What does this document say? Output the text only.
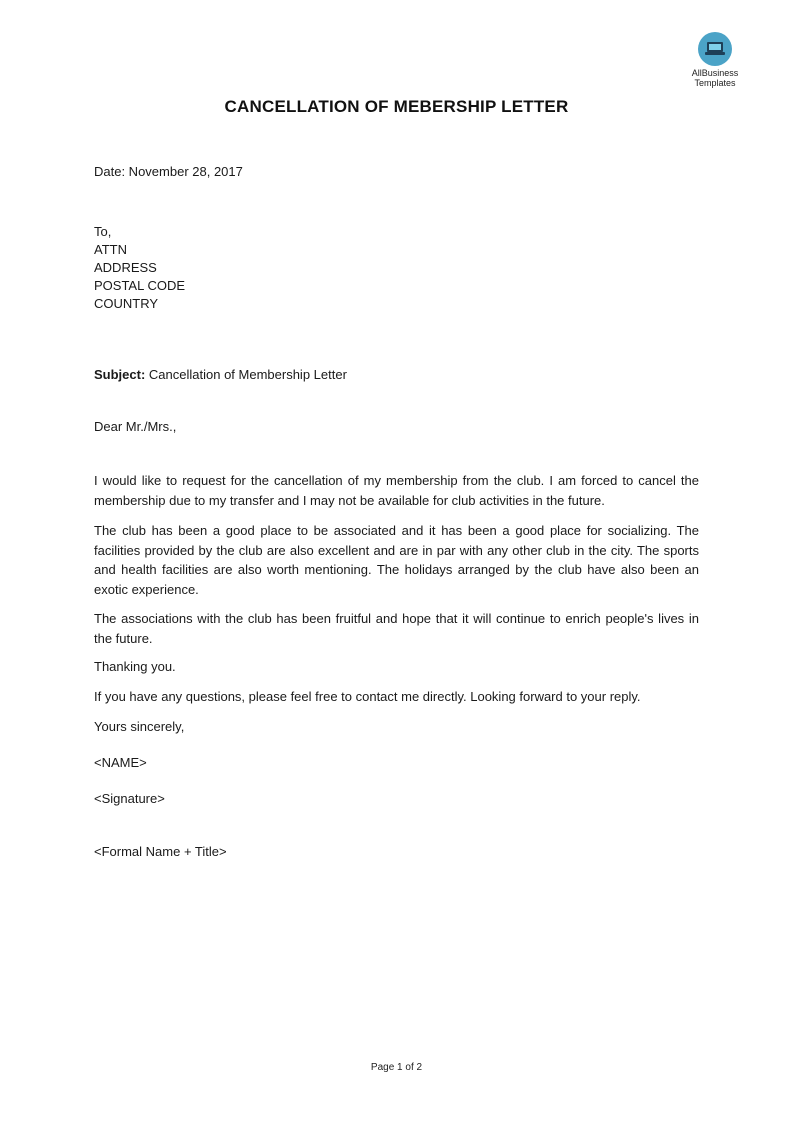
AllBusiness
Templates
CANCELLATION OF MEBERSHIP LETTER
Date: November 28, 2017
To,
ATTN
ADDRESS
POSTAL CODE
COUNTRY
Subject: Cancellation of Membership Letter
Dear Mr./Mrs.,
I would like to request for the cancellation of my membership from the club. I am forced to cancel the membership due to my transfer and I may not be available for club activities in the future.
The club has been a good place to be associated and it has been a good place for socializing. The facilities provided by the club are also excellent and are in par with any other club in the city. The sports and health facilities are also worth mentioning. The holidays arranged by the club have also been an exotic experience.
The associations with the club has been fruitful and hope that it will continue to enrich people's lives in the future.
Thanking you.
If you have any questions, please feel free to contact me directly. Looking forward to your reply.
Yours sincerely,
<NAME>
<Signature>
<Formal Name + Title>
Page 1 of 2
